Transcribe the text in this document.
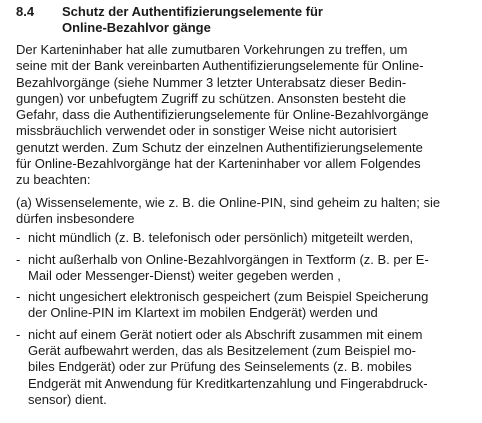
8.4	Schutz der Authentifizierungselemente für
Online-Bezahlvor gänge

Der Karteninhaber hat alle zumutbaren Vorkehrungen zu treffen, um
seine mit der Bank vereinbarten Authentifizierungselemente für Online-
Bezahlvorgänge (siehe Nummer 3 letzter Unterabsatz dieser Bedin-
gungen) vor unbefugtem Zugriff zu schützen. Ansonsten besteht die
Gefahr, dass die Authentifizierungselemente für Online-Bezahlvorgänge
missbräuchlich verwendet oder in sonstiger Weise nicht autorisiert
genutzt werden. Zum Schutz der einzelnen Authentifizierungselemente
für Online-Bezahlvorgänge hat der Karteninhaber vor allem Folgendes
zu beachten:

(a) Wissenselemente, wie z. B. die Online-PIN, sind geheim zu halten; sie
dürfen insbesondere

- nicht mündlich (z. B. telefonisch oder persönlich) mitgeteilt werden,
- nicht außerhalb von Online-Bezahlvorgängen in Textform (z. B. per E-
Mail oder Messenger-Dienst) weiter gegeben werden ,
- nicht ungesichert elektronisch gespeichert (zum Beispiel Speicherung
der Online-PIN im Klartext im mobilen Endgerät) werden und
- nicht auf einem Gerät notiert oder als Abschrift zusammen mit einem
Gerät aufbewahrt werden, das als Besitzelement (zum Beispiel mo-
biles Endgerät) oder zur Prüfung des Seinselements (z. B. mobiles
Endgerät mit Anwendung für Kreditkartenzahlung und Fingerabdruck-
sensor) dient.
